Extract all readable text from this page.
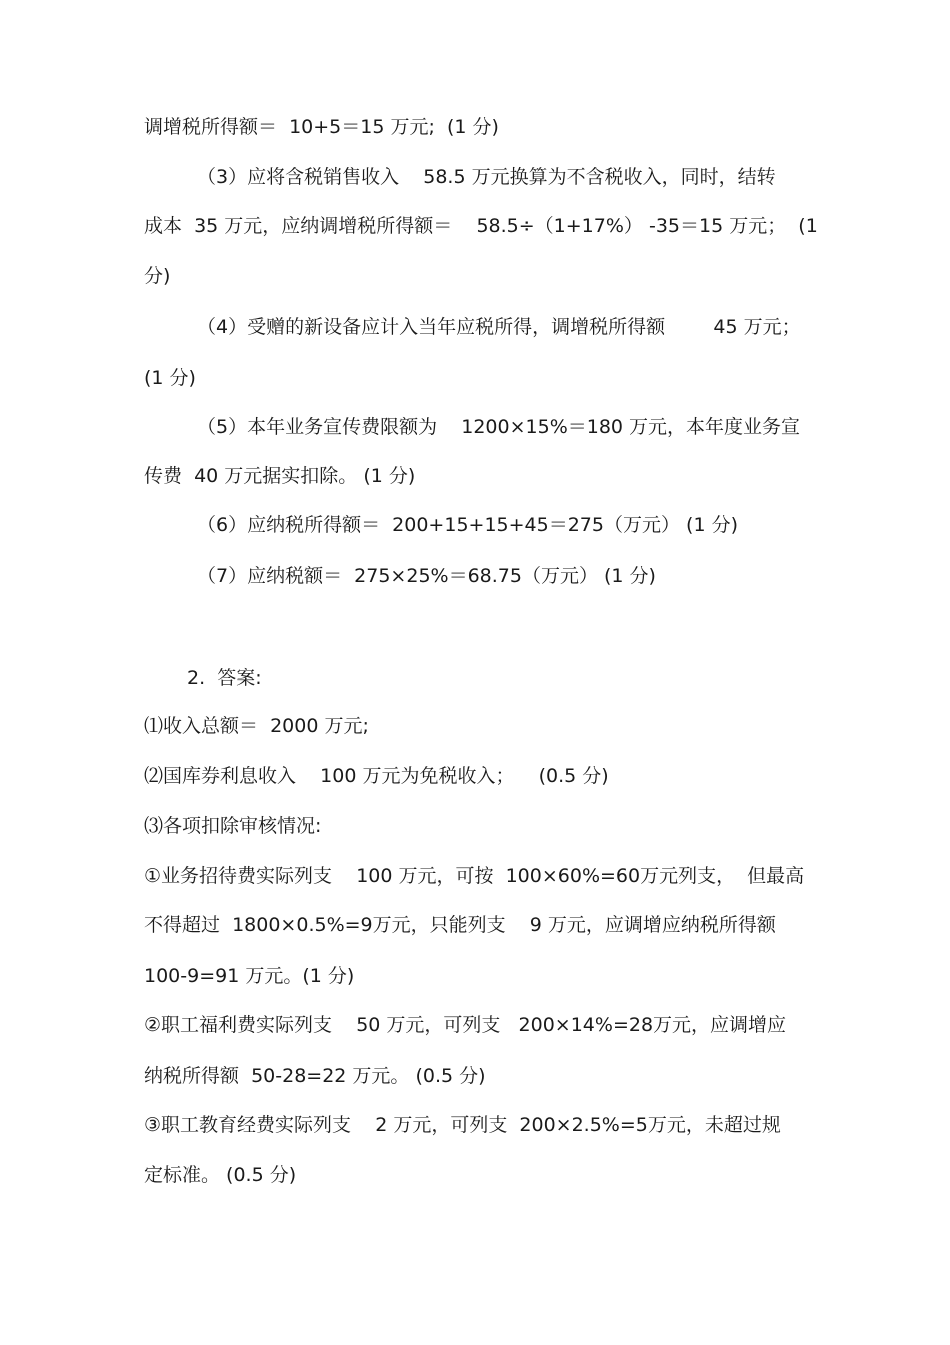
调增税所得额＝  10+5＝15 万元;  (1 分)

（3）应将含税销售收入    58.5 万元换算为不含税收入，同时，结转

成本  35 万元，应纳调增税所得额＝    58.5÷（1+17%） -35＝15 万元；  (1

分)

（4）受赠的新设备应计入当年应税所得，调增税所得额        45 万元；

(1 分)

（5）本年业务宣传费限额为    1200×15%＝180 万元，本年度业务宣

传费  40 万元据实扣除。 (1 分)

（6）应纳税所得额＝  200+15+15+45＝275（万元） (1 分)

（7）应纳税额＝  275×25%＝68.75（万元） (1 分)

2.  答案:

⑴收入总额＝  2000 万元;

⑵国库券利息收入    100 万元为免税收入；    (0.5 分)

⑶各项扣除审核情况:

①业务招待费实际列支    100 万元，可按  100×60%=60万元列支，  但最高

不得超过  1800×0.5%=9万元，只能列支    9 万元，应调增应纳税所得额

100-9=91 万元。(1 分)

②职工福利费实际列支    50 万元，可列支   200×14%=28万元，应调增应

纳税所得额  50-28=22 万元。 (0.5 分)

③职工教育经费实际列支    2 万元，可列支  200×2.5%=5万元，未超过规

定标准。 (0.5 分)
